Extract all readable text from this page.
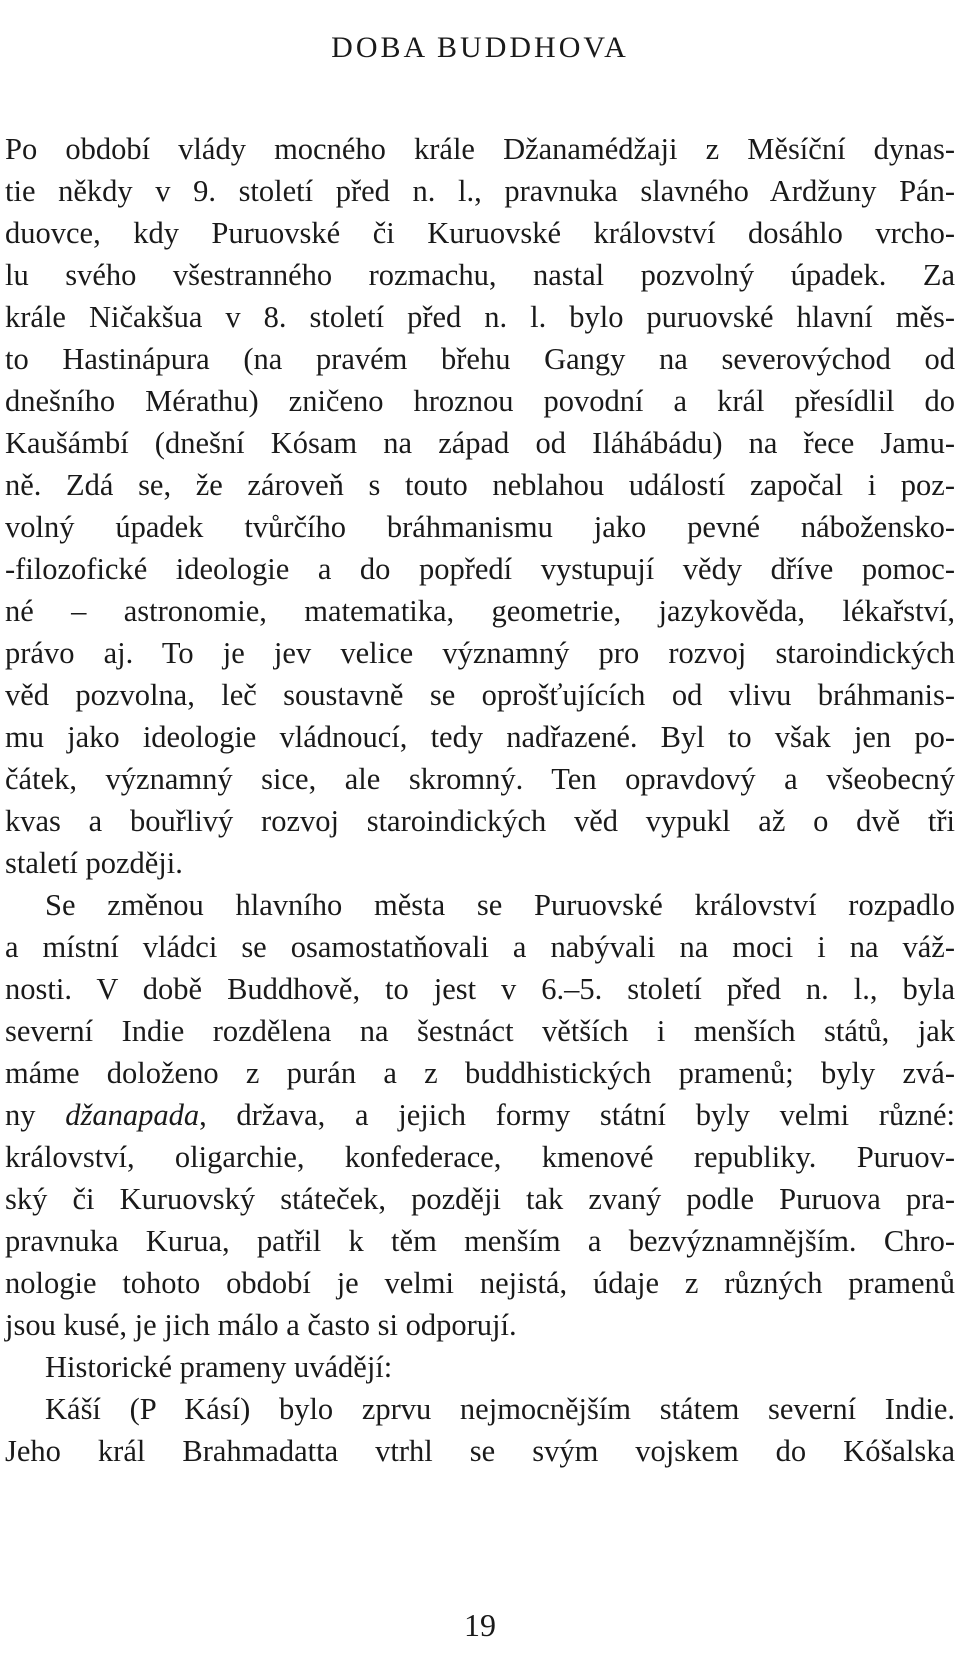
DOBA BUDDHOVA
Po období vlády mocného krále Džanamédžaji z Měsíční dynas-
tie někdy v 9. století před n. l., pravnuka slavného Ardžuny Pán-
duovce, kdy Puruovské či Kuruovské království dosáhlo vrcho-
lu svého všestranného rozmachu, nastal pozvolný úpadek. Za
krále Ničakšua v 8. století před n. l. bylo puruovské hlavní měs-
to Hastinápura (na pravém břehu Gangy na severovýchod od
dnešního Mérathu) zničeno hroznou povodní a král přesídlil do
Kaušámbí (dnešní Kósam na západ od Iláhábádu) na řece Jamu-
ně. Zdá se, že zároveň s touto neblahou událostí započal i poz-
volný úpadek tvůrčího bráhmanismu jako pevné nábožensko-
-filozofické ideologie a do popředí vystupují vědy dříve pomoc-
né – astronomie, matematika, geometrie, jazykověda, lékařství,
právo aj. To je jev velice významný pro rozvoj staroindických
věd pozvolna, leč soustavně se oprošťujících od vlivu bráhmanis-
mu jako ideologie vládnoucí, tedy nadřazené. Byl to však jen po-
čátek, významný sice, ale skromný. Ten opravdový a všeobecný
kvas a bouřlivý rozvoj staroindických věd vypukl až o dvě tři
staletí později.
Se změnou hlavního města se Puruovské království rozpadlo
a místní vládci se osamostatňovali a nabývali na moci i na váž-
nosti. V době Buddhově, to jest v 6.–5. století před n. l., byla
severní Indie rozdělena na šestnáct větších i menších států, jak
máme doloženo z purán a z buddhistických pramenů; byly zvá-
ny džanapada, država, a jejich formy státní byly velmi různé:
království, oligarchie, konfederace, kmenové republiky. Puruov-
ský či Kuruovský státeček, později tak zvaný podle Puruova pra-
pravnuka Kurua, patřil k těm menším a bezvýznamnějším. Chro-
nologie tohoto období je velmi nejistá, údaje z různých pramenů
jsou kusé, je jich málo a často si odporují.
Historické prameny uvádějí:
Káší (P Kásí) bylo zprvu nejmocnějším státem severní Indie.
Jeho král Brahmadatta vtrhl se svým vojskem do Kóšalska
19
